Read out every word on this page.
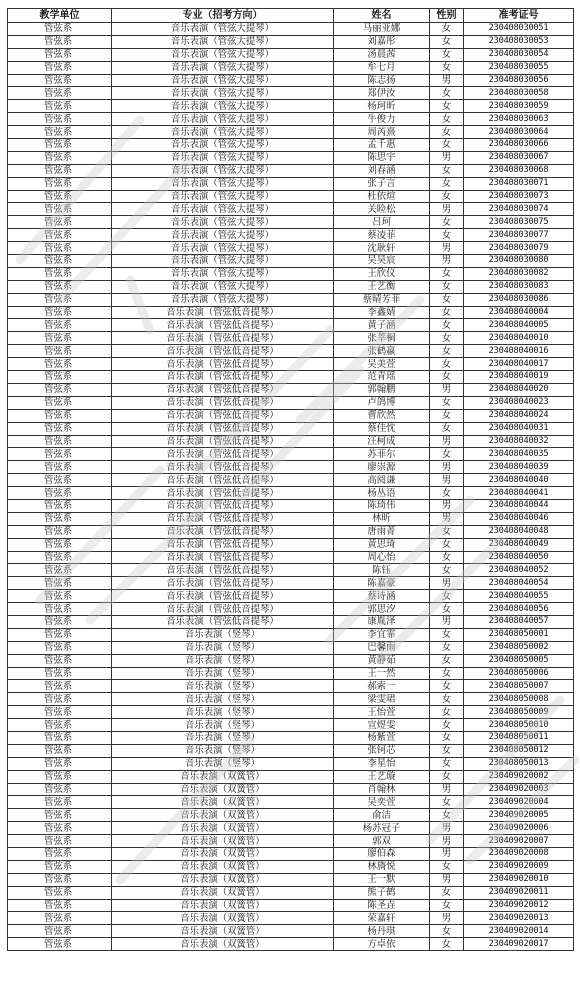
教学单位	专业（招考方向）	姓名	性别	准考证号
管弦系	音乐表演（管弦大提琴）	马丽亚娜	女	230408030051
管弦系	音乐表演（管弦大提琴）	刘嘉彤	女	230408030053
管弦系	音乐表演（管弦大提琴）	汤晨茜	女	230408030054
管弦系	音乐表演（管弦大提琴）	牟七月	女	230408030055
管弦系	音乐表演（管弦大提琴）	陈志扬	男	230408030056
管弦系	音乐表演（管弦大提琴）	郑伊汝	女	230408030058
管弦系	音乐表演（管弦大提琴）	杨珂昕	女	230408030059
管弦系	音乐表演（管弦大提琴）	牛俊力	女	230408030063
管弦系	音乐表演（管弦大提琴）	周芮熹	女	230408030064
管弦系	音乐表演（管弦大提琴）	孟千惠	女	230408030066
管弦系	音乐表演（管弦大提琴）	陈思宇	男	230408030067
管弦系	音乐表演（管弦大提琴）	刘春涵	女	230408030068
管弦系	音乐表演（管弦大提琴）	张子言	女	230408030071
管弦系	音乐表演（管弦大提琴）	杜依煊	女	230408030073
管弦系	音乐表演（管弦大提琴）	关睑松	男	230408030074
管弦系	音乐表演（管弦大提琴）	吕珂	女	230408030075
管弦系	音乐表演（管弦大提琴）	蔡凌菲	女	230408030077
管弦系	音乐表演（管弦大提琴）	沈耿轩	男	230408030079
管弦系	音乐表演（管弦大提琴）	吴昊宸	男	230408030080
管弦系	音乐表演（管弦大提琴）	王欣仪	女	230408030082
管弦系	音乐表演（管弦大提琴）	王艺衡	女	230408030083
管弦系	音乐表演（管弦大提琴）	蔡晴芳菲	女	230408030086
管弦系	音乐表演（管弦低音提琴）	李鑫婧	女	230408040004
管弦系	音乐表演（管弦低音提琴）	黄子涵	女	230408040005
管弦系	音乐表演（管弦低音提琴）	张莘桐	女	230408040010
管弦系	音乐表演（管弦低音提琴）	张鹤嬴	女	230408040016
管弦系	音乐表演（管弦低音提琴）	吴美萱	女	230408040017
管弦系	音乐表演（管弦低音提琴）	范青瑶	女	230408040019
管弦系	音乐表演（管弦低音提琴）	郭翰鹏	男	230408040020
管弦系	音乐表演（管弦低音提琴）	卢鸽博	女	230408040023
管弦系	音乐表演（管弦低音提琴）	曹欣然	女	230408040024
管弦系	音乐表演（管弦低音提琴）	蔡佳忱	女	230408040031
管弦系	音乐表演（管弦低音提琴）	汪柯成	男	230408040032
管弦系	音乐表演（管弦低音提琴）	苏菲尔	女	230408040035
管弦系	音乐表演（管弦低音提琴）	廖崇源	男	230408040039
管弦系	音乐表演（管弦低音提琴）	高阅谦	男	230408040040
管弦系	音乐表演（管弦低音提琴）	杨丛语	女	230408040041
管弦系	音乐表演（管弦低音提琴）	陈琦伟	男	230408040044
管弦系	音乐表演（管弦低音提琴）	林昕	男	230408040046
管弦系	音乐表演（管弦低音提琴）	唐雨菁	女	230408040048
管弦系	音乐表演（管弦低音提琴）	黄思琦	女	230408040049
管弦系	音乐表演（管弦低音提琴）	周心怡	女	230408040050
管弦系	音乐表演（管弦低音提琴）	陈钰	女	230408040052
管弦系	音乐表演（管弦低音提琴）	陈嘉豪	男	230408040054
管弦系	音乐表演（管弦低音提琴）	蔡诗涵	女	230408040055
管弦系	音乐表演（管弦低音提琴）	郭思汐	女	230408040056
管弦系	音乐表演（管弦低音提琴）	康胤泽	男	230408040057
管弦系	音乐表演（竖琴）	李宜霏	女	230408050001
管弦系	音乐表演（竖琴）	巴馨雨	女	230408050002
管弦系	音乐表演（竖琴）	黄静茹	女	230408050005
管弦系	音乐表演（竖琴）	王一然	女	230408050006
管弦系	音乐表演（竖琴）	郝索一	女	230408050007
管弦系	音乐表演（竖琴）	梁雯珺	女	230408050008
管弦系	音乐表演（竖琴）	王怡萱	女	230408050009
管弦系	音乐表演（竖琴）	宣煜雯	女	230408050010
管弦系	音乐表演（竖琴）	杨紫萱	女	230408050011
管弦系	音乐表演（竖琴）	张钶芯	女	230408050012
管弦系	音乐表演（竖琴）	李星怡	女	230408050013
管弦系	音乐表演（双簧管）	王艺璇	女	230409020002
管弦系	音乐表演（双簧管）	肖翰林	男	230409020003
管弦系	音乐表演（双簧管）	吴奕萱	女	230409020004
管弦系	音乐表演（双簧管）	俞洁	女	230409020005
管弦系	音乐表演（双簧管）	杨苏冠子	男	230409020006
管弦系	音乐表演（双簧管）	郭双	男	230409020007
管弦系	音乐表演（双簧管）	廖伯森	男	230409020008
管弦系	音乐表演（双簧管）	林旖悦	女	230409020009
管弦系	音乐表演（双簧管）	王一默	男	230409020010
管弦系	音乐表演（双簧管）	熊子鹤	女	230409020011
管弦系	音乐表演（双簧管）	陈圣垚	女	230409020012
管弦系	音乐表演（双簧管）	荣嘉轩	男	230409020013
管弦系	音乐表演（双簧管）	杨丹琪	女	230409020014
管弦系	音乐表演（双簧管）	方卓依	女	230409020017
